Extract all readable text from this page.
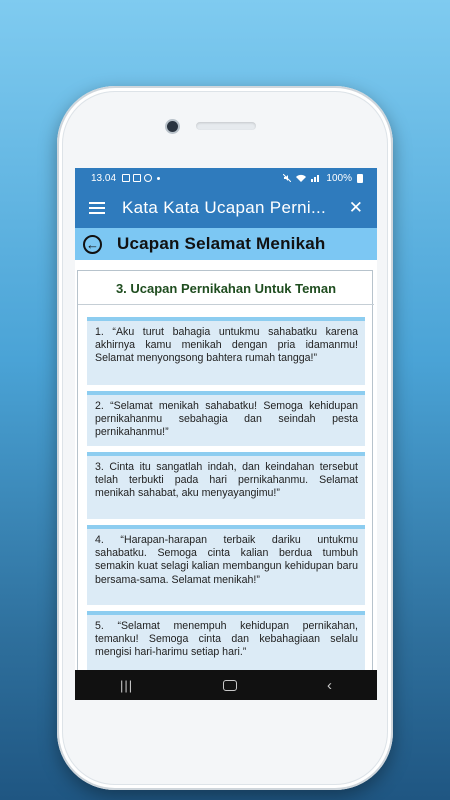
13.04	100%
Kata Kata Ucapan Perni...	✕
← Ucapan Selamat Menikah
3. Ucapan Pernikahan Untuk Teman
1. “Aku turut bahagia untukmu sahabatku karena akhirnya kamu menikah dengan pria idamanmu! Selamat menyongsong bahtera rumah tangga!”
2. “Selamat menikah sahabatku! Semoga kehidupan pernikahanmu sebahagia dan seindah pesta pernikahanmu!”
3. Cinta itu sangatlah indah, dan keindahan tersebut telah terbukti pada hari pernikahanmu. Selamat menikah sahabat, aku menyayangimu!”
4. “Harapan-harapan terbaik dariku untukmu sahabatku. Semoga cinta kalian berdua tumbuh semakin kuat selagi kalian membangun kehidupan baru bersama-sama. Selamat menikah!”
5. “Selamat menempuh kehidupan pernikahan, temanku! Semoga cinta dan kebahagiaan selalu mengisi hari-harimu setiap hari.”
|||	‹
